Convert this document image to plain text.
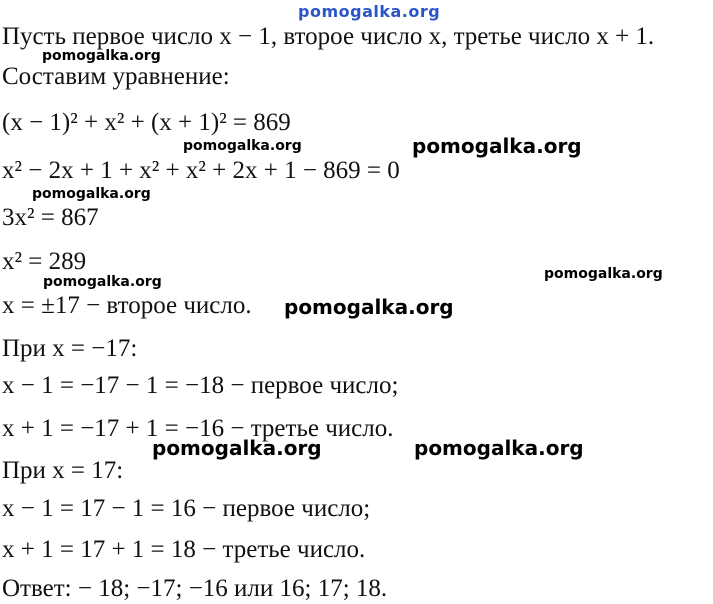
Пусть первое число x − 1, второе число x, третье число x + 1.
Составим уравнение:
(x − 1)² + x² + (x + 1)² = 869
x² − 2x + 1 + x² + x² + 2x + 1 − 869 = 0
3x² = 867
x² = 289
x = ±17 − второе число.
При x = −17:
x − 1 = −17 − 1 = −18 − первое число;
x + 1 = −17 + 1 = −16 − третье число.
При x = 17:
x − 1 = 17 − 1 = 16 − первое число;
x + 1 = 17 + 1 = 18 − третье число.
Ответ: − 18; −17; −16 или 16; 17; 18.
pomogalka.org
pomogalka.org
pomogalka.org
pomogalka.org
pomogalka.org
pomogalka.org
pomogalka.org
pomogalka.org
pomogalka.org	pomogalka.org
